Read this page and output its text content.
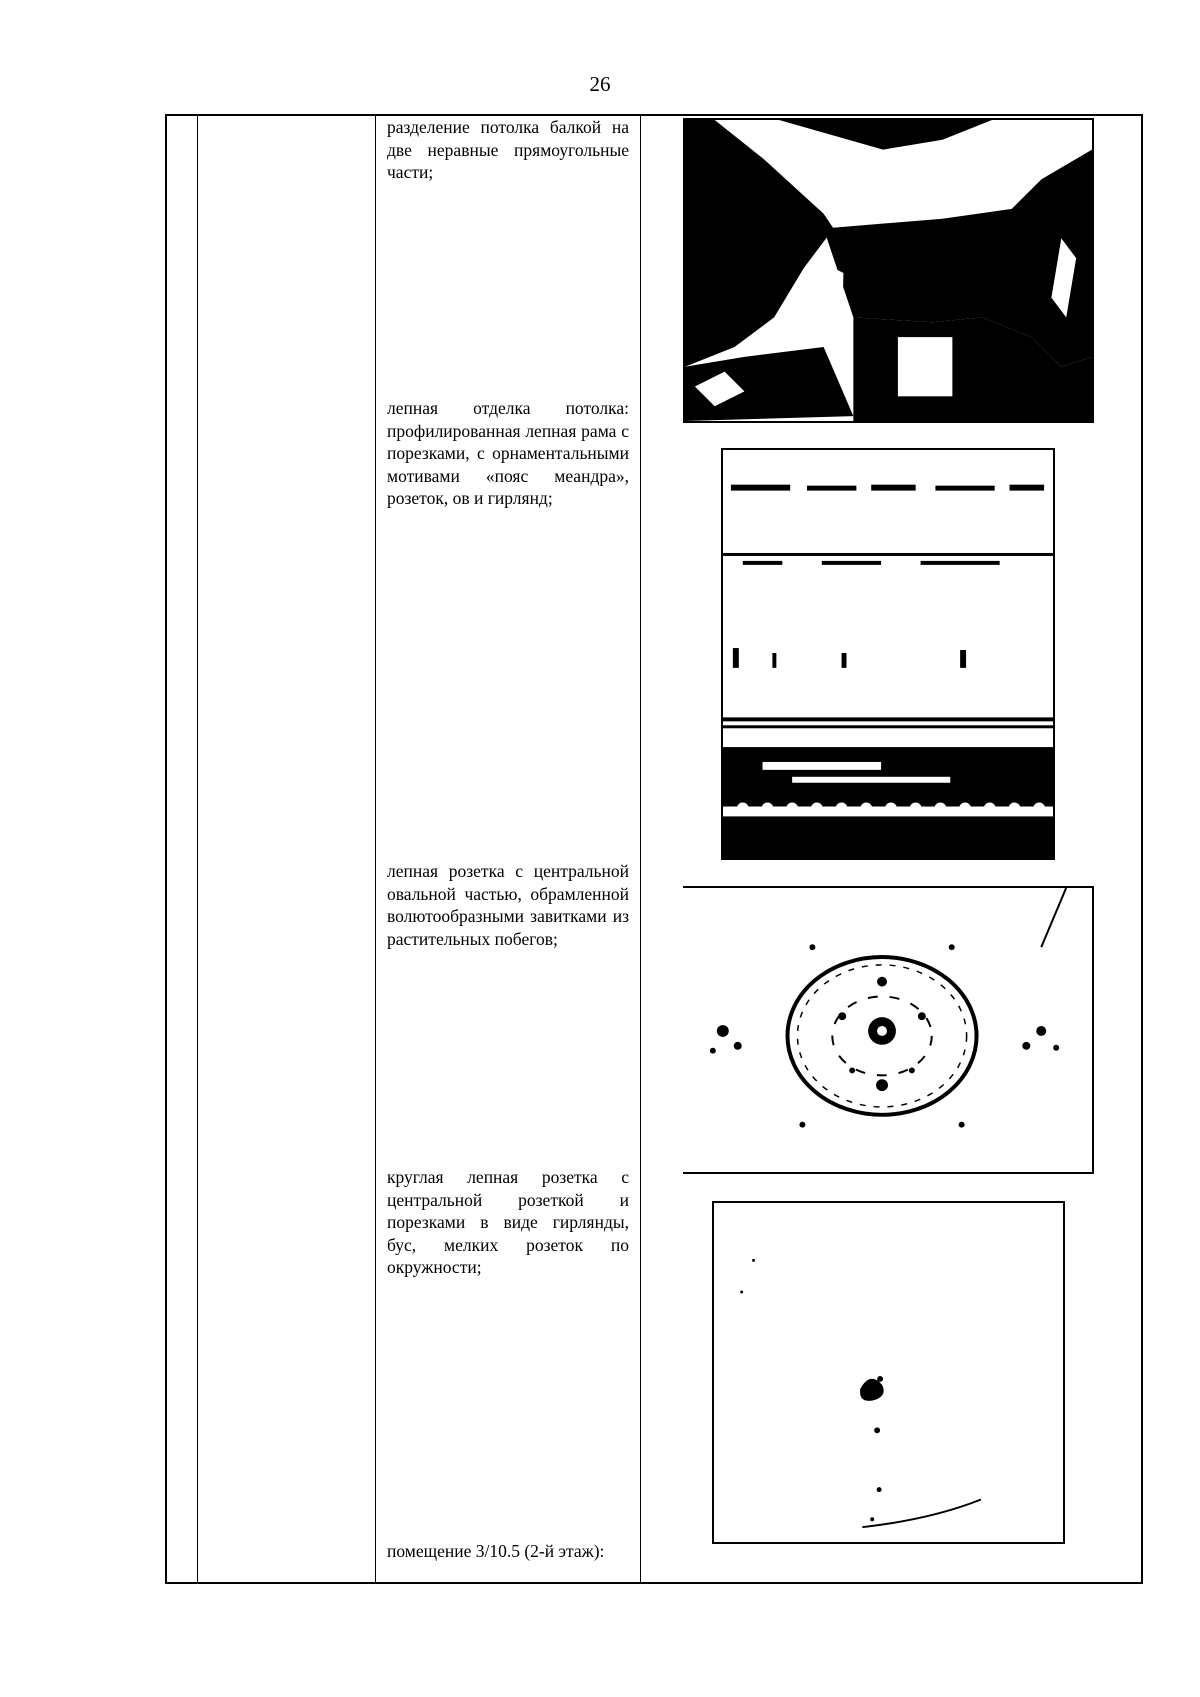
26
разделение потолка балкой на две неравные прямоугольные части;
лепная отделка потолка: профилированная лепная рама с порезками, с орнаментальными мотивами «пояс меандра», розеток, ов и гирлянд;
лепная розетка с центральной овальной частью, обрамленной волютообразными завитками из растительных побегов;
круглая лепная розетка с центральной розеткой и порезками в виде гирлянды, бус, мелких розеток по окружности;
помещение 3/10.5 (2-й этаж):
